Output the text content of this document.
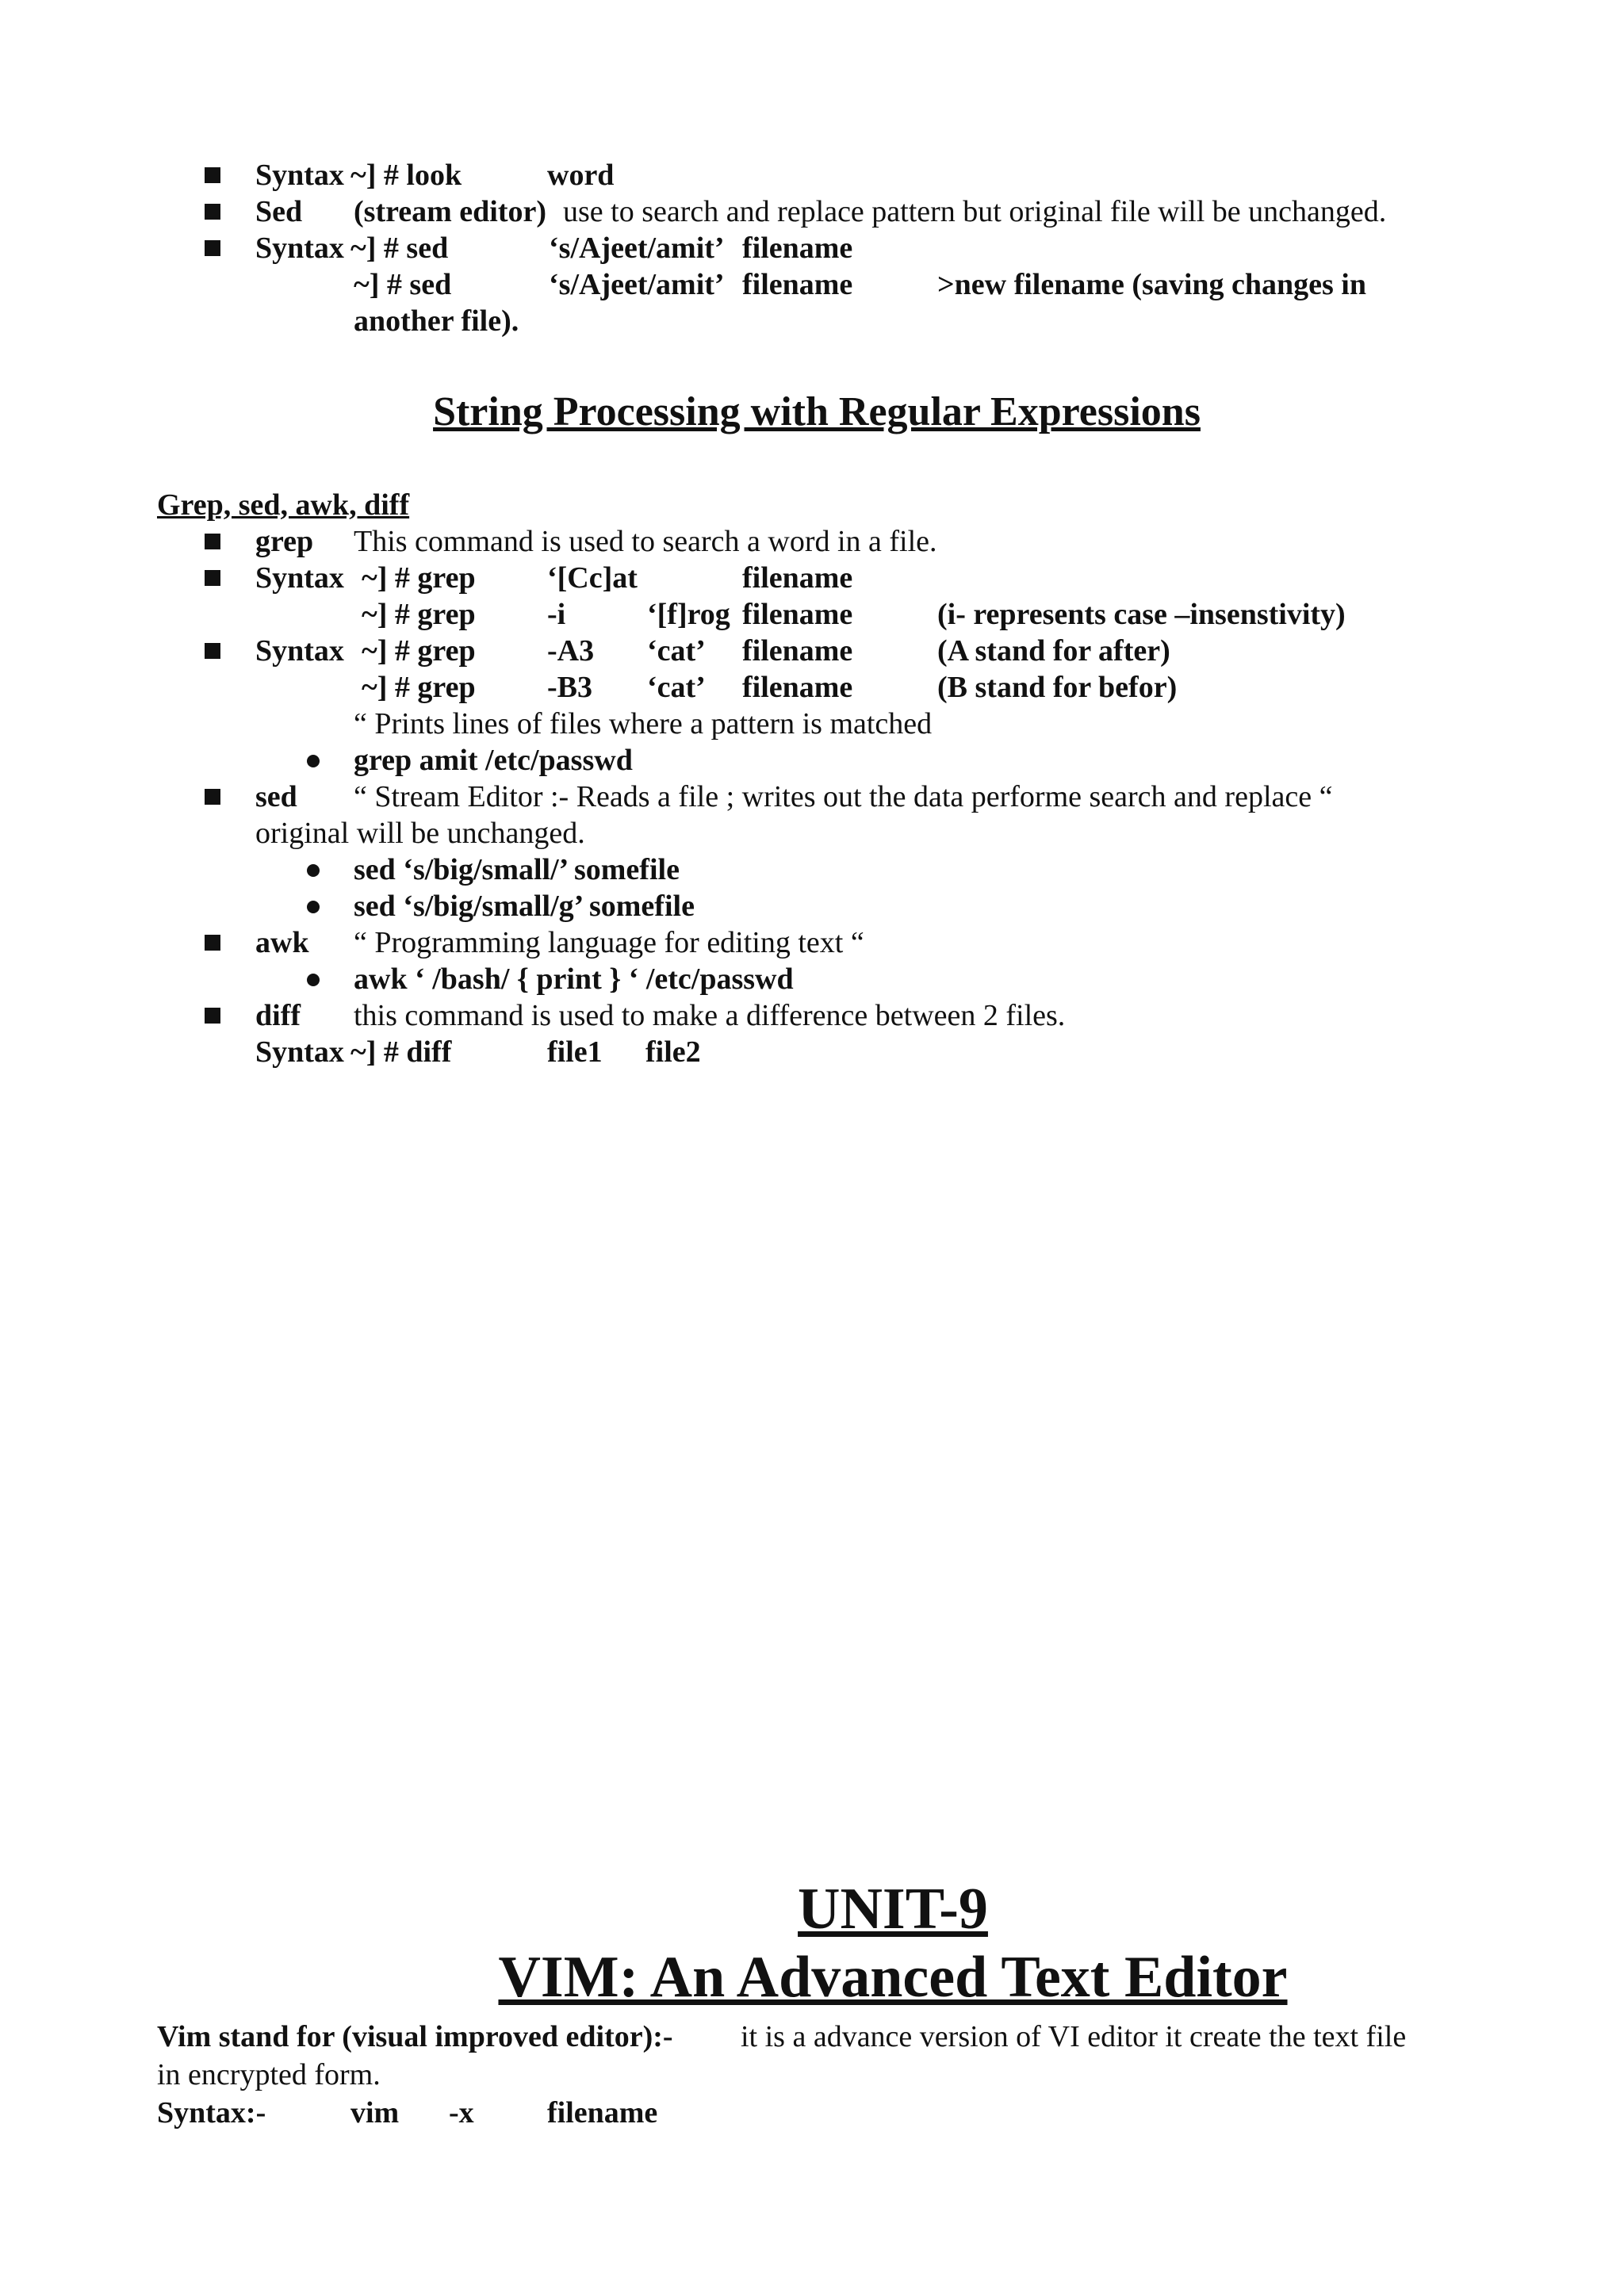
Syntax ~] # look	word
Sed (stream editor) use to search and replace pattern but original file will be unchanged.
Syntax ~] # sed	‘s/Ajeet/amit’ filename
~] # sed	‘s/Ajeet/amit’ filename	>new filename (saving changes in
another file).
String Processing with Regular Expressions
Grep, sed, awk, diff
grep This command is used to search a word in a file.
Syntax ~] # grep ‘[Cc]at	filename
~] # grep -i	‘[f]rog filename	(i- represents case –insenstivity)
Syntax ~] # grep -A3 ‘cat’ filename	(A stand for after)
~] # grep -B3 ‘cat’ filename	(B stand for befor)
“ Prints lines of files where a pattern is matched
grep amit /etc/passwd
sed “ Stream Editor :- Reads a file ; writes out the data performe search and replace “
original will be unchanged.
sed ‘s/big/small/’ somefile
sed ‘s/big/small/g’ somefile
awk “ Programming language for editing text “
awk ‘ /bash/ { print } ‘ /etc/passwd
diff this command is used to make a difference between 2 files.
Syntax ~] # diff	file1 file2
UNIT-9
VIM: An Advanced Text Editor
Vim stand for (visual improved editor):- it is a advance version of VI editor it create the text file
in encrypted form.
Syntax:-	vim -x filename
